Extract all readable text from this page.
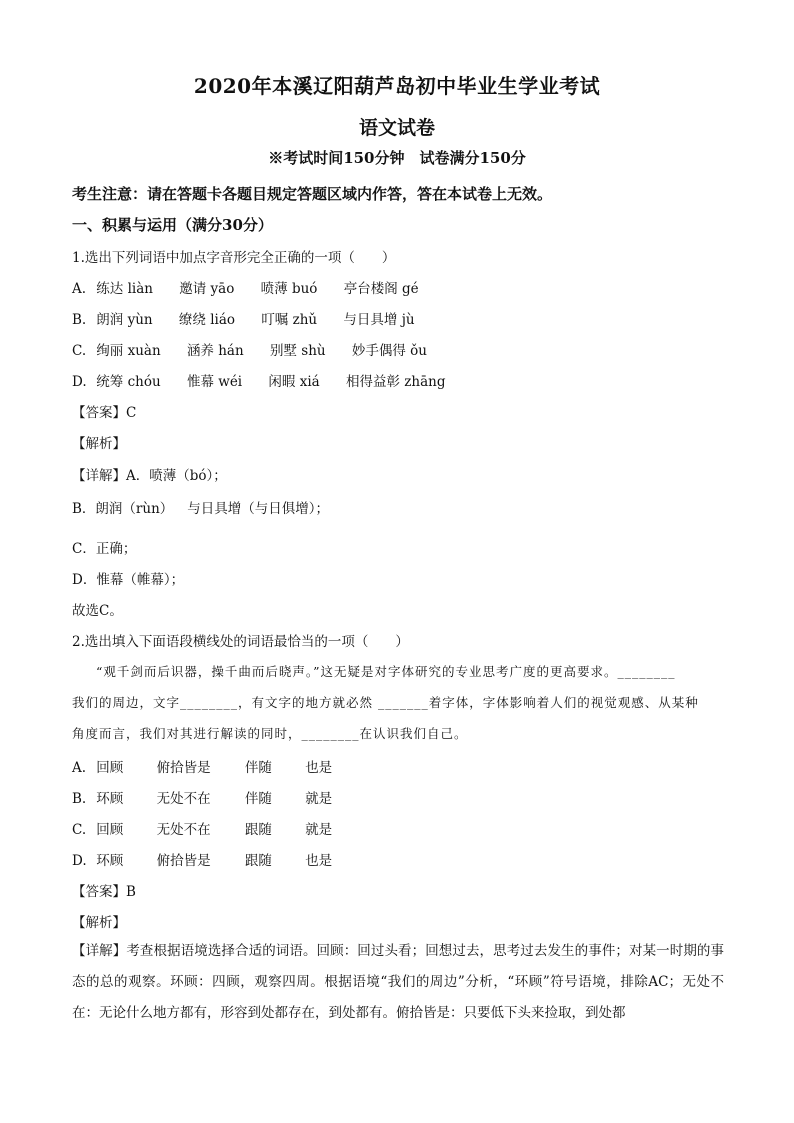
2020年本溪辽阳葫芦岛初中毕业生学业考试
语文试卷
※考试时间150分钟　试卷满分150分
考生注意：请在答题卡各题目规定答题区域内作答，答在本试卷上无效。
一、积累与运用（满分30分）
1.选出下列词语中加点字音形完全正确的一项（　　）
A. 练达 liàn 邀请 yāo 喷薄 buó 亭台楼阁 gé
B. 朗润 yùn 缭绕 liáo 叮嘱 zhǔ 与日具增 jù
C. 绚丽 xuàn 涵养 hán 别墅 shù 妙手偶得 ǒu
D. 统筹 chóu 惟幕 wéi 闲暇 xiá 相得益彰 zhāng
【答案】C
【解析】
【详解】A．喷薄（bó）；
B．朗润（rùn） 与日具增（与日俱增）；
C．正确；
D．惟幕（帷幕）；
故选C。
2.选出填入下面语段横线处的词语最恰当的一项（　　）

“观千剑而后识器，操千曲而后晓声。”这无疑是对字体研究的专业思考广度的更高要求。________

我们的周边，文字________，有文字的地方就必然 _______着字体，字体影响着人们的视觉观感、从某种

角度而言，我们对其进行解读的同时，________在认识我们自己。

A. 回顾 俯拾皆是	伴随 也是
B. 环顾 无处不在	伴随 就是
C. 回顾 无处不在	跟随 就是
D. 环顾 俯拾皆是	跟随 也是
【答案】B
【解析】
【详解】考查根据语境选择合适的词语。回顾：回过头看；回想过去，思考过去发生的事件；对某一时期的事态的总的观察。环顾：四顾，观察四周。根据语境“我们的周边”分析，“环顾”符号语境，排除AC；无处不在：无论什么地方都有，形容到处都存在，到处都有。俯拾皆是：只要低下头来捡取，到处都
